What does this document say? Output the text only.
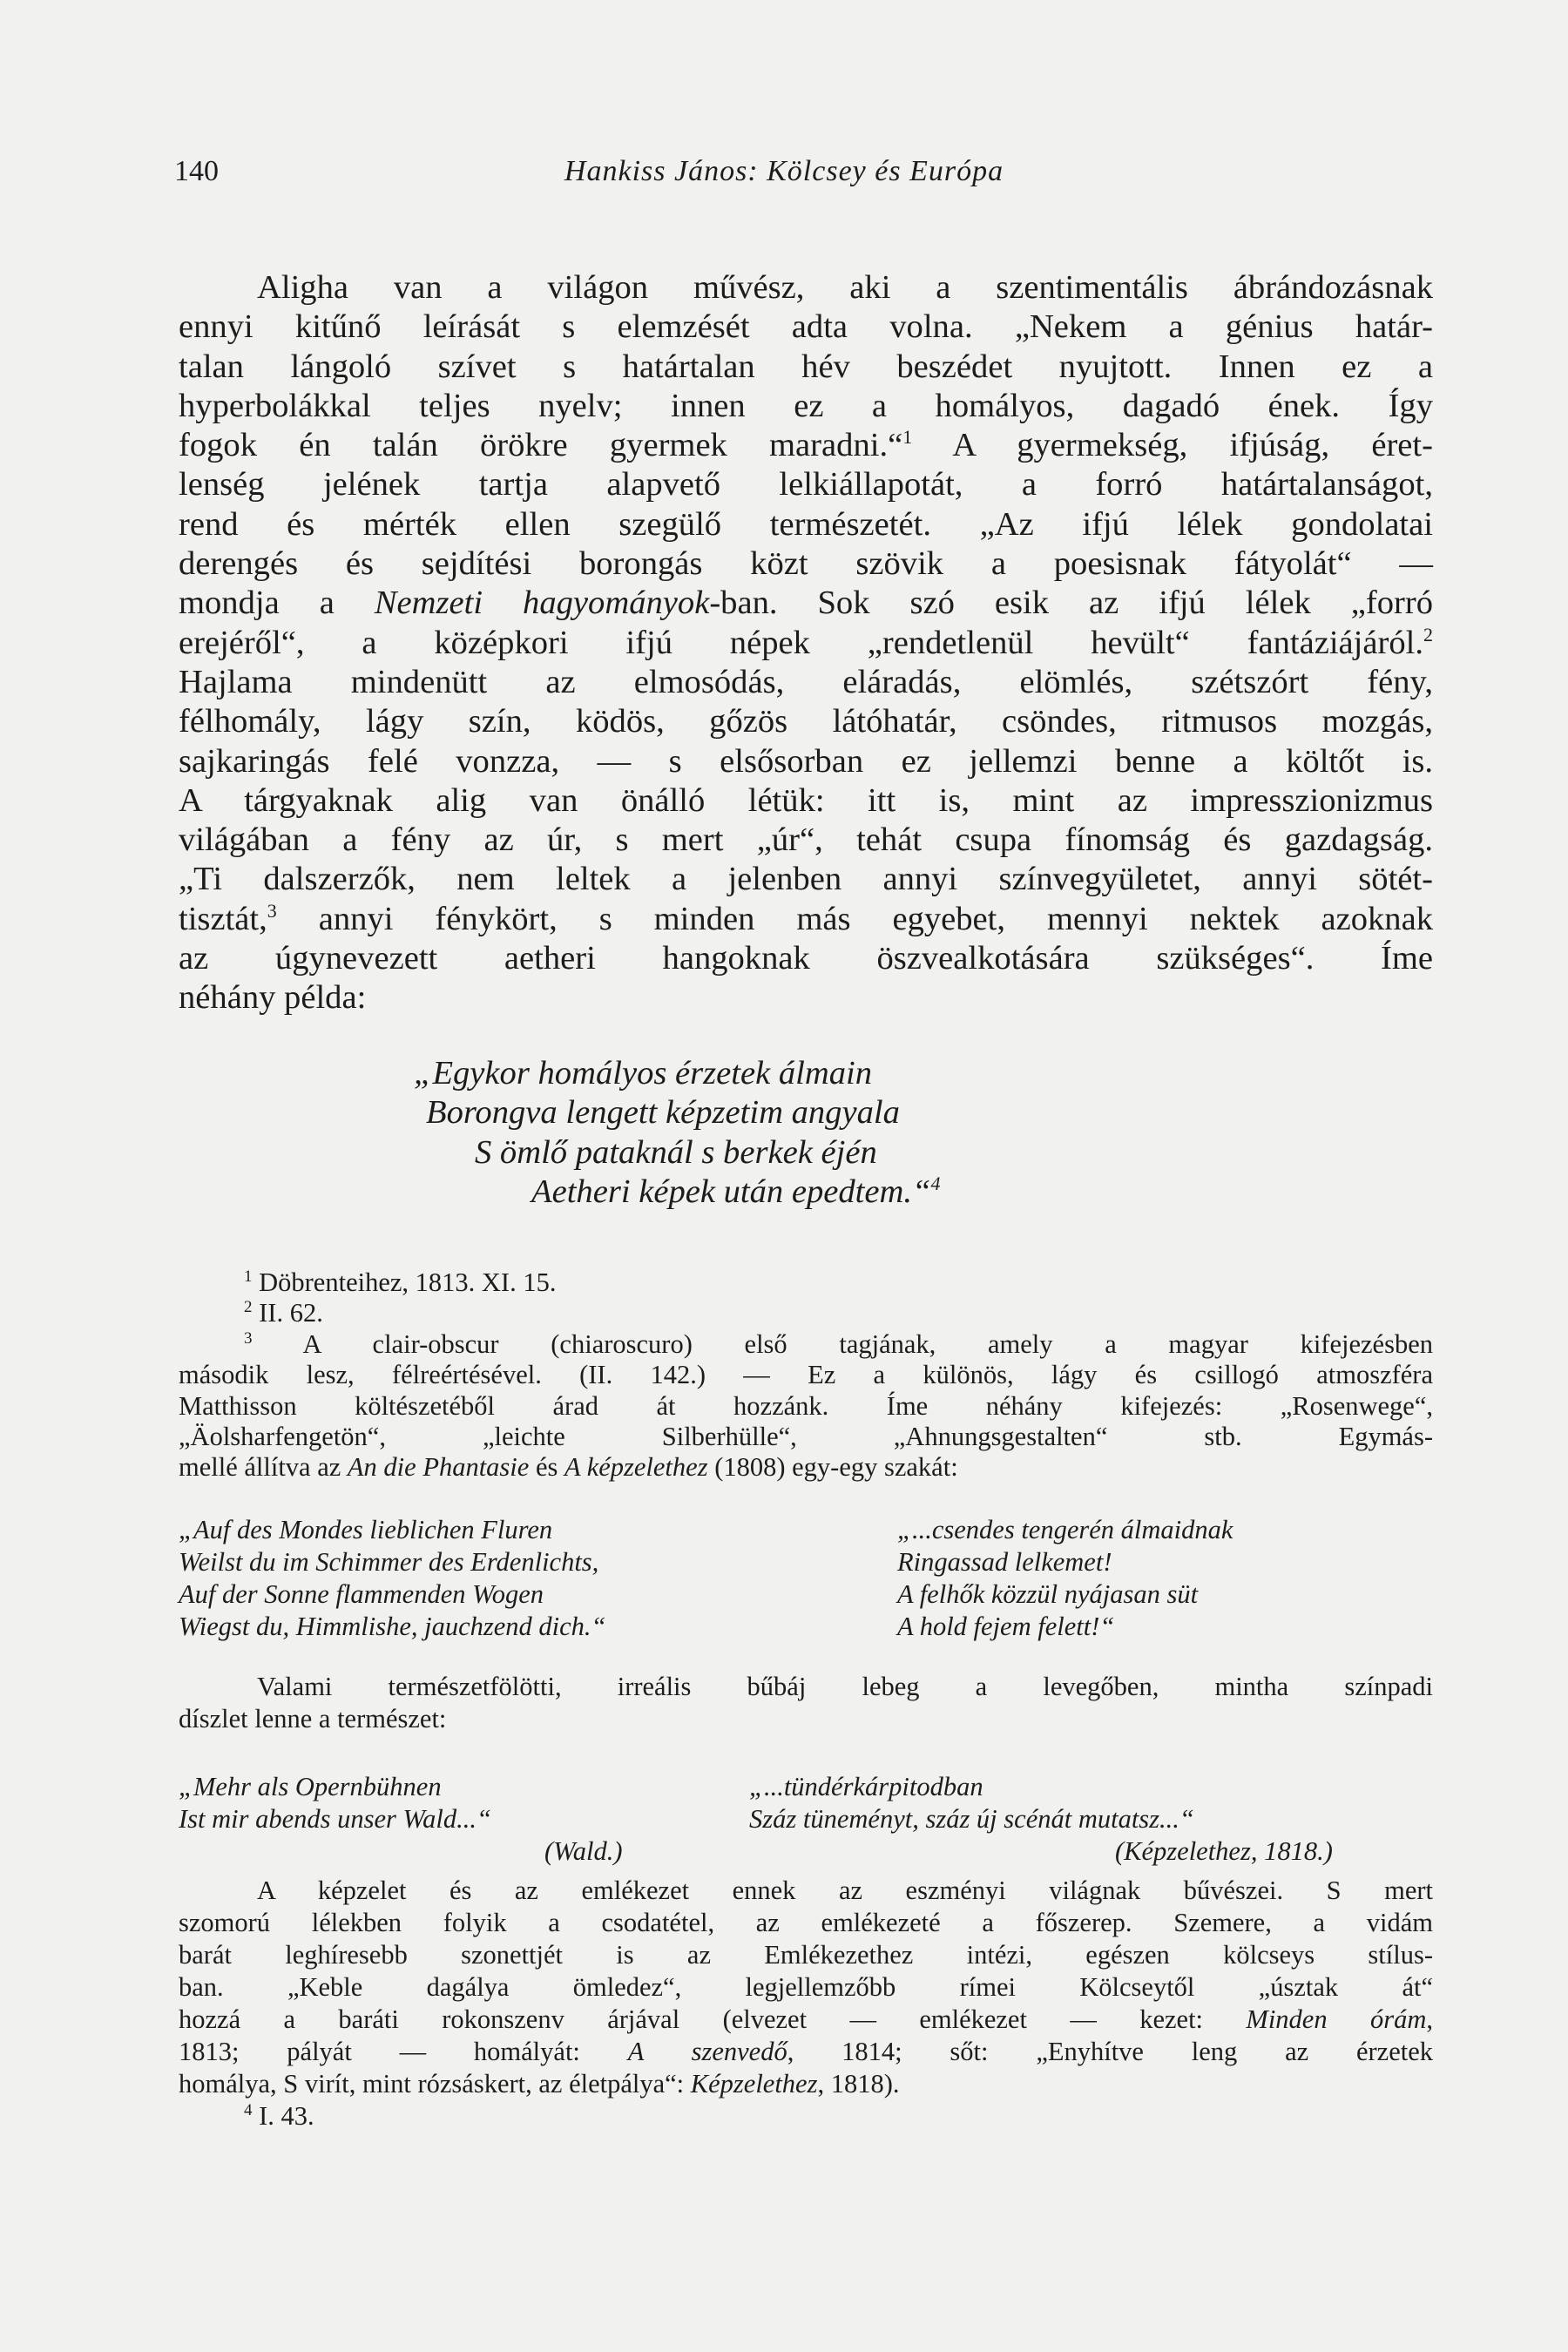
140	Hankiss János: Kölcsey és Európa
Aligha van a világon művész, aki a szentimentális ábrándozásnak
ennyi kitűnő leírását s elemzését adta volna. „Nekem a génius határ-
talan lángoló szívet s határtalan hév beszédet nyujtott. Innen ez a
hyperbolákkal teljes nyelv; innen ez a homályos, dagadó ének. Így
fogok én talán örökre gyermek maradni.“$^1$ A gyermekség, ifjúság, éret-
lenség jelének tartja alapvető lelkiállapotát, a forró határtalanságot,
rend és mérték ellen szegülő természetét. „Az ifjú lélek gondolatai
derengés és sejdítési borongás közt szövik a poesisnak fátyolát“ —
mondja a Nemzeti hagyományok-ban. Sok szó esik az ifjú lélek „forró
erejéről“, a középkori ifjú népek „rendetlenül hevült“ fantáziájáról.$^2$
Hajlama mindenütt az elmosódás, eláradás, elömlés, szétszórt fény,
félhomály, lágy szín, ködös, gőzös látóhatár, csöndes, ritmusos mozgás,
sajkaringás felé vonzza, — s elsősorban ez jellemzi benne a költőt is.
A tárgyaknak alig van önálló létük: itt is, mint az impresszionizmus
világában a fény az úr, s mert „úr“, tehát csupa fínomság és gazdagság.
„Ti dalszerzők, nem leltek a jelenben annyi színvegyületet, annyi sötét-
tisztát,$^3$ annyi fénykört, s minden más egyebet, mennyi nektek azoknak
az úgynevezett aetheri hangoknak öszvealkotására szükséges“. Íme
néhány példa:
„Egykor homályos érzetek álmain
Borongva lengett képzetim angyala
S ömlő pataknál s berkek éjén
Aetheri képek után epedtem.“$^4$
$^1$ Döbrenteihez, 1813. XI. 15.
$^2$ II. 62.
$^3$ A clair-obscur (chiaroscuro) első tagjának, amely a magyar kifejezésben
második lesz, félreértésével. (II. 142.) — Ez a különös, lágy és csillogó atmoszféra
Matthisson költészetéből árad át hozzánk. Íme néhány kifejezés: „Rosenwege“,
„Äolsharfengetön“, „leichte Silberhülle“, „Ahnungsgestalten“ stb. Egymás-
mellé állítva az An die Phantasie és A képzelethez (1808) egy-egy szakát:
„Auf des Mondes lieblichen Fluren
Weilst du im Schimmer des Erdenlichts,
Auf der Sonne flammenden Wogen
Wiegst du, Himmlishe, jauchzend dich.“
„...csendes tengerén álmaidnak
Ringassad lelkemet!
A felhők közzül nyájasan süt
A hold fejem felett!“
Valami természetfölötti, irreális bűbáj lebeg a levegőben, mintha színpadi
díszlet lenne a természet:
„Mehr als Opernbühnen
Ist mir abends unser Wald...“
(Wald.)
„...tündérkárpitodban
Száz tüneményt, száz új scénát mutatsz...“
(Képzelethez, 1818.)
A képzelet és az emlékezet ennek az eszményi világnak bűvészei. S mert
szomorú lélekben folyik a csodatétel, az emlékezeté a főszerep. Szemere, a vidám
barát leghíresebb szonettjét is az Emlékezethez intézi, egészen kölcseys stílus-
ban. „Keble dagálya ömledez“, legjellemzőbb rímei Kölcseytől „úsztak át“
hozzá a baráti rokonszenv árjával (elvezet — emlékezet — kezet: Minden órám,
1813; pályát — homályát: A szenvedő, 1814; sőt: „Enyhítve leng az érzetek
homálya, S virít, mint rózsáskert, az életpálya“: Képzelethez, 1818).
$^4$ I. 43.
